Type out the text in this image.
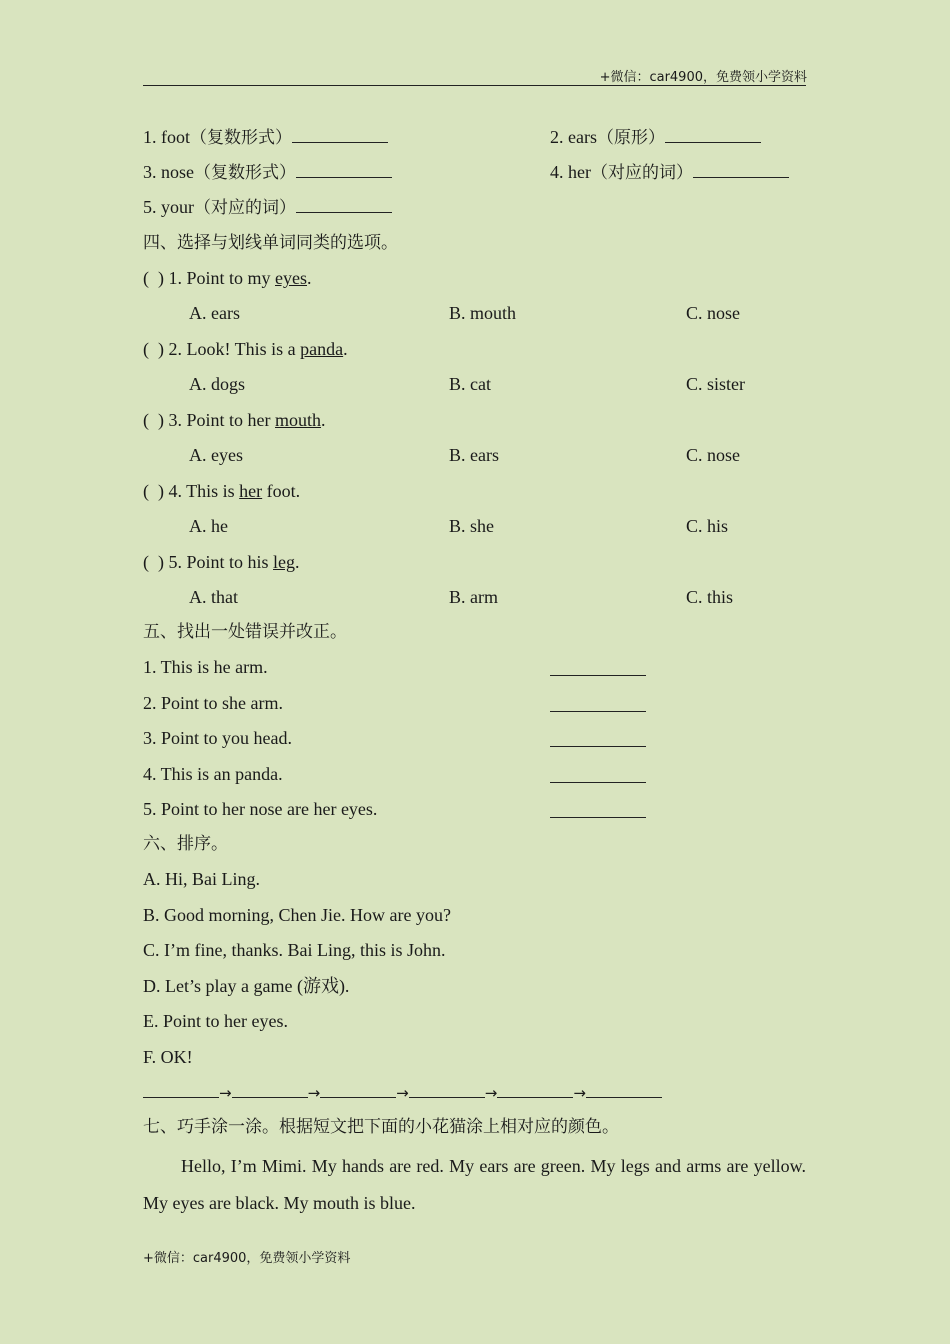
+微信：car4900，免费领小学资料
1. foot（复数形式）	2. ears（原形）
3. nose（复数形式）	4. her（对应的词）
5. your（对应的词）
四、选择与划线单词同类的选项。
(  ) 1. Point to my eyes.
A. ears	B. mouth	C. nose
(  ) 2. Look! This is a panda.
A. dogs	B. cat	C. sister
(  ) 3. Point to her mouth.
A. eyes	B. ears	C. nose
(  ) 4. This is her foot.
A. he	B. she	C. his
(  ) 5. Point to his leg.
A. that	B. arm	C. this
五、找出一处错误并改正。
1. This is he arm.
2. Point to she arm.
3. Point to you head.
4. This is an panda.
5. Point to her nose are her eyes.
六、排序。
A. Hi, Bai Ling.
B. Good morning, Chen Jie. How are you?
C. I’m fine, thanks. Bai Ling, this is John.
D. Let’s play a game (游戏).
E. Point to her eyes.
F. OK!
→	→	→	→	→
七、巧手涂一涂。根据短文把下面的小花猫涂上相对应的颜色。
Hello, I’m Mimi. My hands are red. My ears are green. My legs and arms are yellow. My eyes are black. My mouth is blue.
+微信：car4900，免费领小学资料
